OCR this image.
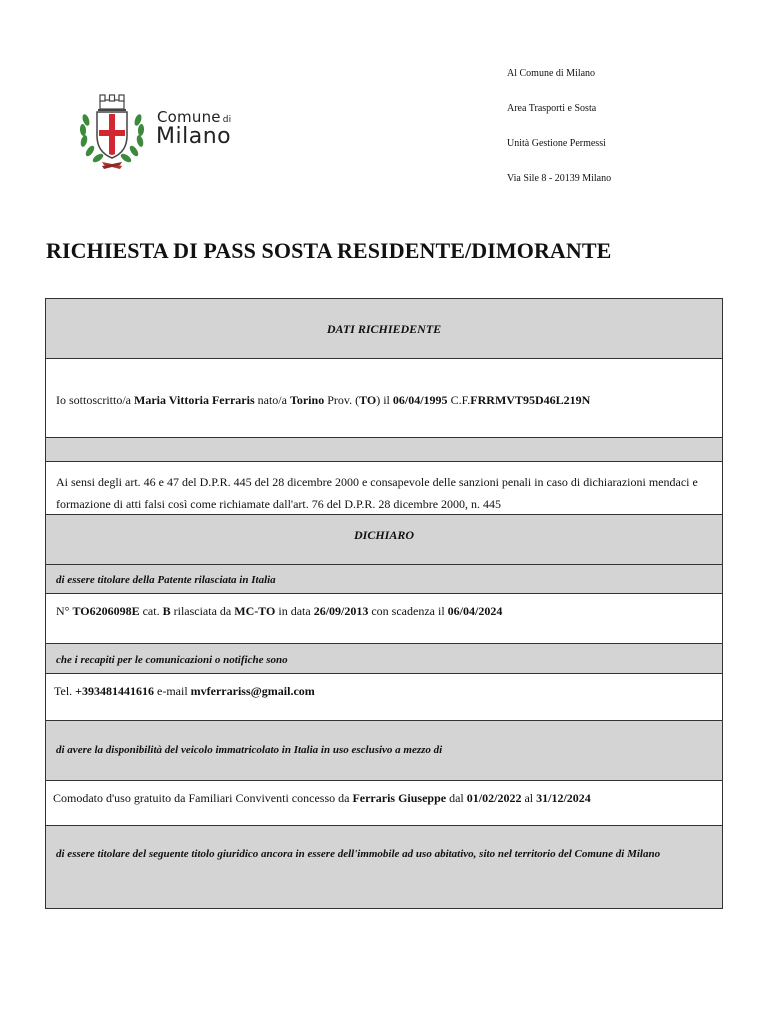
Comune di
Milano
Al Comune di Milano
Area Trasporti e Sosta
Unità Gestione Permessi
Via Sile 8 - 20139 Milano
RICHIESTA DI PASS SOSTA RESIDENTE/DIMORANTE
DATI RICHIEDENTE
Io sottoscritto/a Maria Vittoria Ferraris nato/a Torino Prov. (TO) il 06/04/1995 C.F.FRRMVT95D46L219N
Ai sensi degli art. 46 e 47 del D.P.R. 445 del 28 dicembre 2000 e consapevole delle sanzioni penali in caso di dichiarazioni mendaci e formazione di atti falsi così come richiamate dall'art. 76 del D.P.R. 28 dicembre 2000, n. 445
DICHIARO
di essere titolare della Patente rilasciata in Italia
N° TO6206098E cat. B rilasciata da MC-TO in data 26/09/2013 con scadenza il 06/04/2024
che i recapiti per le comunicazioni o notifiche sono
Tel. +393481441616 e-mail mvferrariss@gmail.com
di avere la disponibilità del veicolo immatricolato in Italia in uso esclusivo a mezzo di
Comodato d'uso gratuito da Familiari Conviventi concesso da Ferraris Giuseppe dal 01/02/2022 al 31/12/2024
di essere titolare del seguente titolo giuridico ancora in essere dell'immobile ad uso abitativo, sito nel territorio del Comune di Milano
